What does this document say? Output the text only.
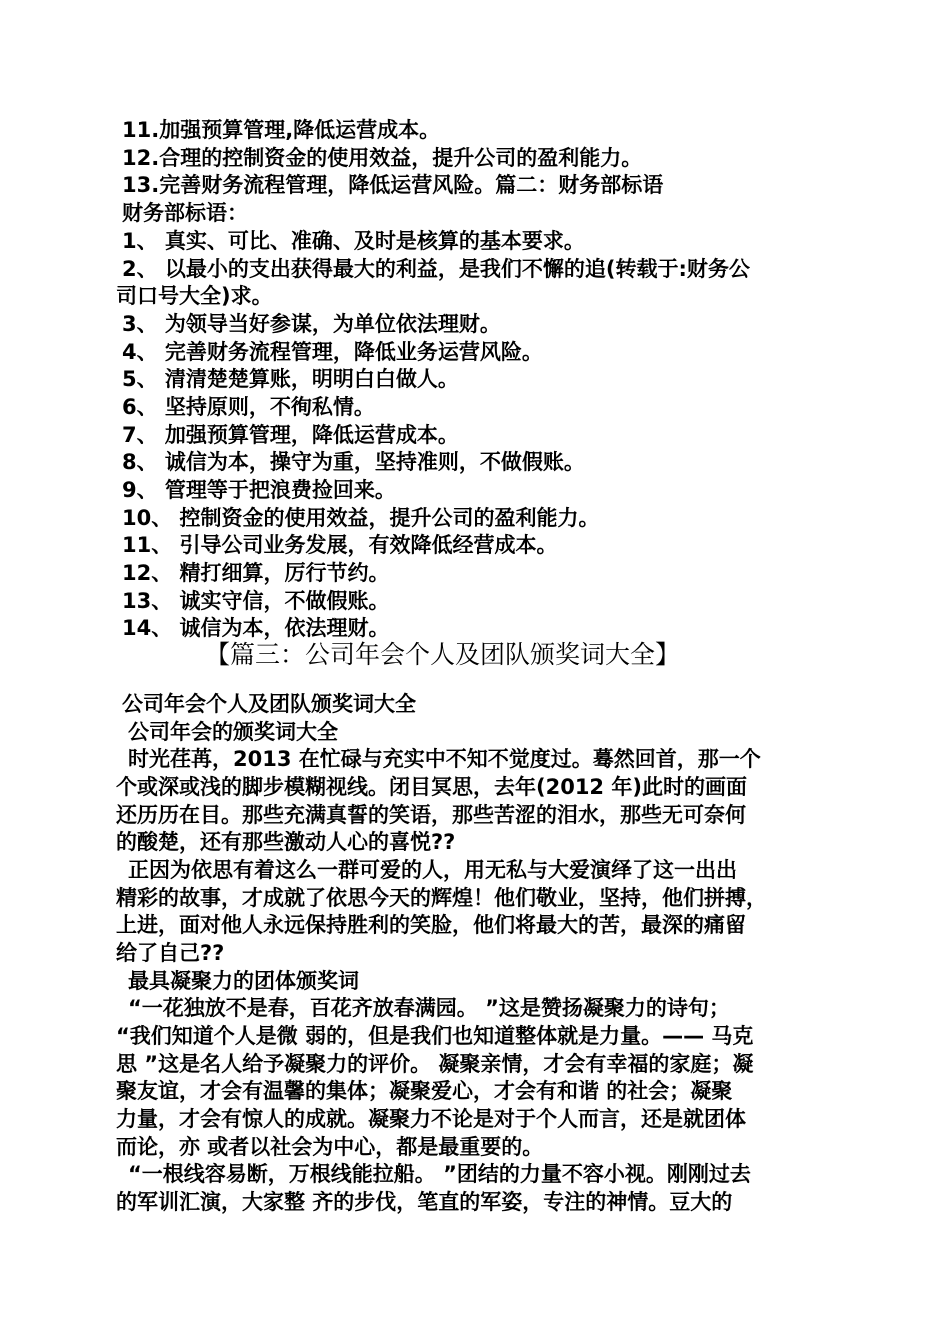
11.加强预算管理,降低运营成本。
12.合理的控制资金的使用效益，提升公司的盈利能力。
13.完善财务流程管理，降低运营风险。篇二：财务部标语
财务部标语：
1、 真实、可比、准确、及时是核算的基本要求。
2、 以最小的支出获得最大的利益，是我们不懈的追(转载于:财务公
司口号大全)求。
3、 为领导当好参谋，为单位依法理财。
4、 完善财务流程管理，降低业务运营风险。
5、 清清楚楚算账，明明白白做人。
6、 坚持原则，不徇私情。
7、 加强预算管理，降低运营成本。
8、 诚信为本，操守为重，坚持准则，不做假账。
9、 管理等于把浪费捡回来。
10、 控制资金的使用效益，提升公司的盈利能力。
11、 引导公司业务发展，有效降低经营成本。
12、 精打细算，厉行节约。
13、 诚实守信，不做假账。
14、 诚信为本，依法理财。
【篇三：公司年会个人及团队颁奖词大全】
公司年会个人及团队颁奖词大全
公司年会的颁奖词大全
时光荏苒，2013 在忙碌与充实中不知不觉度过。蓦然回首，那一个
个或深或浅的脚步模糊视线。闭目冥思，去年(2012 年)此时的画面
还历历在目。那些充满真誓的笑语，那些苦涩的泪水，那些无可奈何
的酸楚，还有那些激动人心的喜悦??
正因为依思有着这么一群可爱的人，用无私与大爱演绎了这一出出
精彩的故事，才成就了依思今天的辉煌！他们敬业，坚持，他们拼搏，
上进，面对他人永远保持胜利的笑脸，他们将最大的苦，最深的痛留
给了自己??
最具凝聚力的团体颁奖词
“一花独放不是春，百花齐放春满园。 ”这是赞扬凝聚力的诗句；
“我们知道个人是微 弱的，但是我们也知道整体就是力量。—— 马克
思 ”这是名人给予凝聚力的评价。 凝聚亲情，才会有幸福的家庭；凝
聚友谊，才会有温馨的集体；凝聚爱心，才会有和谐 的社会；凝聚
力量，才会有惊人的成就。凝聚力不论是对于个人而言，还是就团体
而论，亦 或者以社会为中心，都是最重要的。
“一根线容易断，万根线能拉船。 ”团结的力量不容小视。刚刚过去
的军训汇演，大家整 齐的步伐，笔直的军姿，专注的神情。豆大的
